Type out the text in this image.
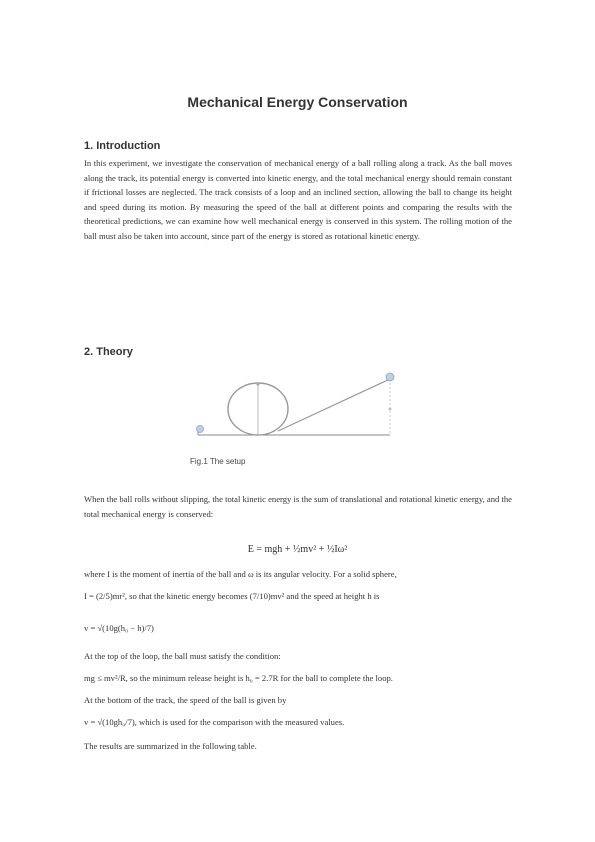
Mechanical Energy Conservation
1. Introduction
In this experiment, we investigate the conservation of mechanical energy of a ball rolling along a track. As the ball moves along the track, its potential energy is converted into kinetic energy, and the total mechanical energy should remain constant if frictional losses are neglected. The track consists of a loop and an inclined section, allowing the ball to change its height and speed during its motion. By measuring the speed of the ball at different points and comparing the results with the theoretical predictions, we can examine how well mechanical energy is conserved in this system. The rolling motion of the ball must also be taken into account, since part of the energy is stored as rotational kinetic energy.
2. Theory
Fig.1 The setup
When the ball rolls without slipping, the total kinetic energy is the sum of translational and rotational kinetic energy, and the total mechanical energy is conserved:
E = mgh + ½mv² + ½Iω²
where I is the moment of inertia of the ball and ω is its angular velocity. For a solid sphere,
I = (2/5)mr², so that the kinetic energy becomes (7/10)mv² and the speed at height h is
v = √(10g(h₀ − h)/7)
At the top of the loop, the ball must satisfy the condition:
mg ≤ mv²/R, so the minimum release height is h₀ = 2.7R for the ball to complete the loop.
At the bottom of the track, the speed of the ball is given by
v = √(10gh₀/7), which is used for the comparison with the measured values.
The results are summarized in the following table.
